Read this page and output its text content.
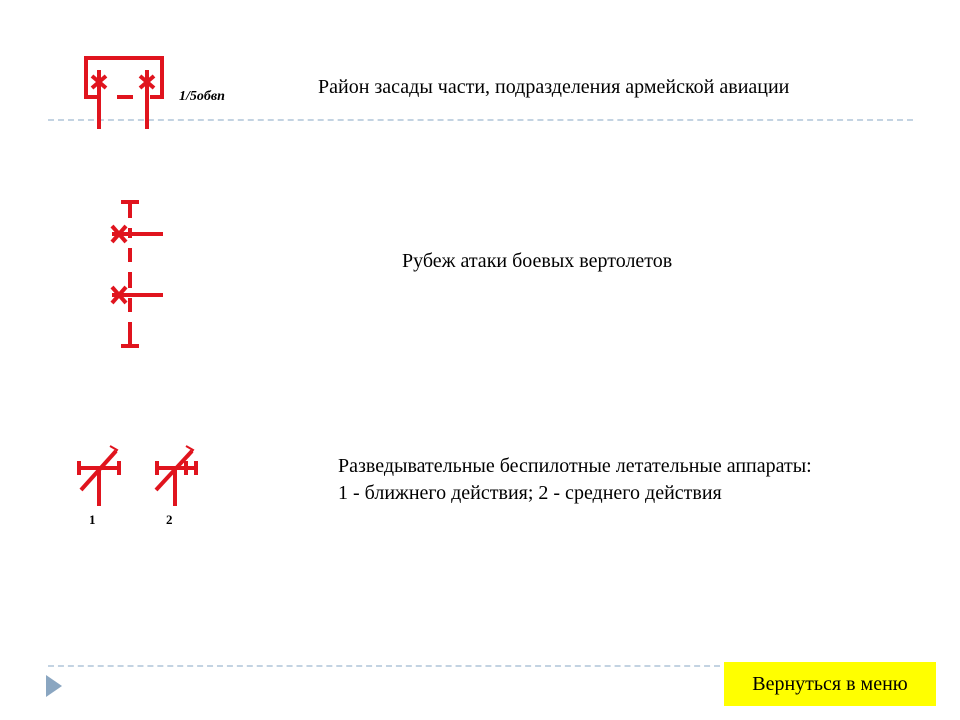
1/5обвп	Район засады части, подразделения армейской авиации
Рубеж атаки боевых вертолетов
1	2
Разведывательные беспилотные летательные аппараты:
1 - ближнего действия; 2 - среднего действия
Вернуться в меню
